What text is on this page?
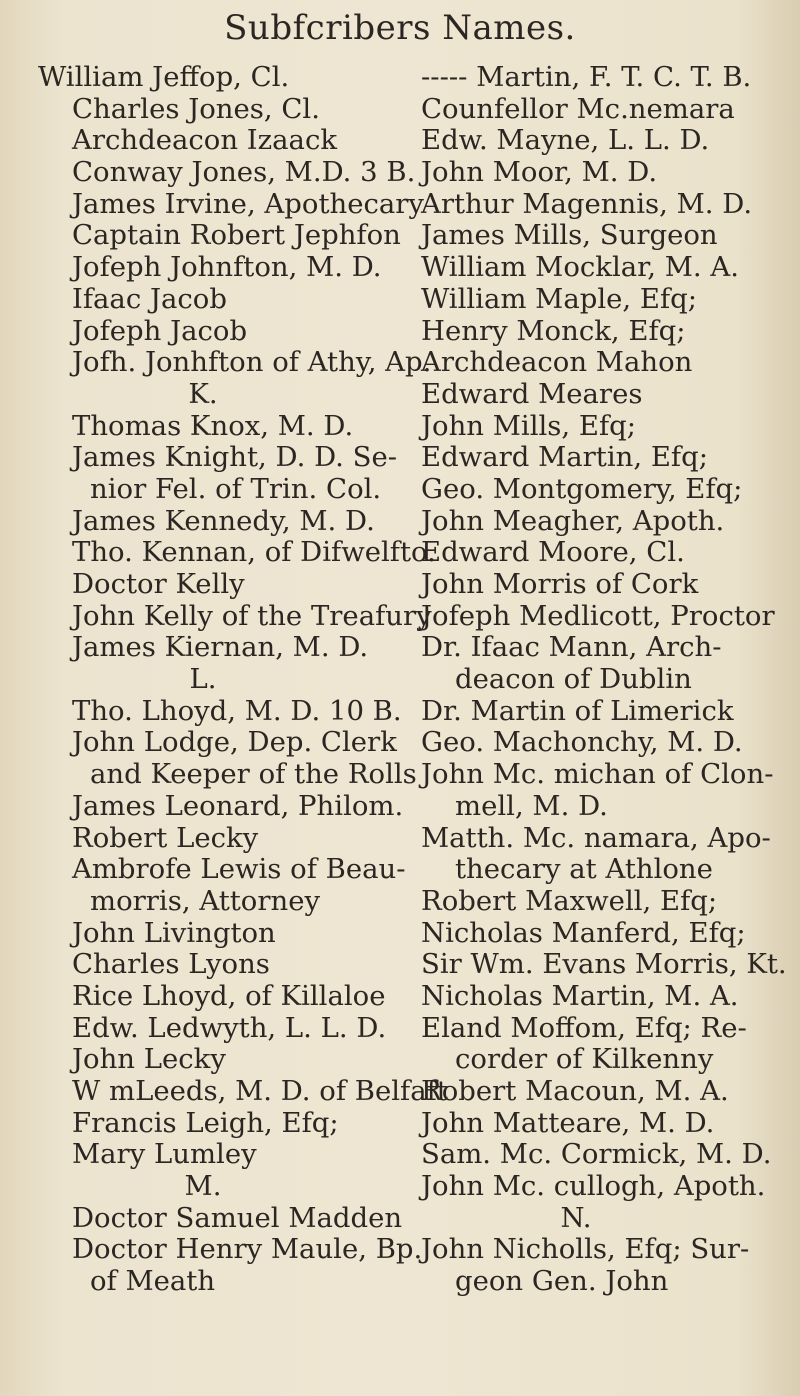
Subfcribers Names.
William Jeffop, Cl.
Charles Jones, Cl.
Archdeacon Izaack
Conway Jones, M.D. 3 B.
James Irvine, Apothecary
Captain Robert Jephfon
Jofeph Johnfton, M. D.
Ifaac Jacob
Jofeph Jacob
Jofh. Jonhfton of Athy, Ap.
K.
Thomas Knox, M. D.
James Knight, D. D. Se-
nior Fel. of Trin. Col.
James Kennedy, M. D.
Tho. Kennan, of Difwelfto.
Doctor Kelly
John Kelly of the Treafury
James Kiernan, M. D.
L.
Tho. Lhoyd, M. D. 10 B.
John Lodge, Dep. Clerk
and Keeper of the Rolls
James Leonard, Philom.
Robert Lecky
Ambrofe Lewis of Beau-
morris, Attorney
John Livington
Charles Lyons
Rice Lhoyd, of Killaloe
Edw. Ledwyth, L. L. D.
John Lecky
W mLeeds, M. D. of Belfaft
Francis Leigh, Efq;
Mary Lumley
M.
Doctor Samuel Madden
Doctor Henry Maule, Bp.
of Meath
----- Martin, F. T. C. T. B.
Counfellor Mc.nemara
Edw. Mayne, L. L. D.
John Moor, M. D.
Arthur Magennis, M. D.
James Mills, Surgeon
William Mocklar, M. A.
William Maple, Efq;
Henry Monck, Efq;
Archdeacon Mahon
Edward Meares
John Mills, Efq;
Edward Martin, Efq;
Geo. Montgomery, Efq;
John Meagher, Apoth.
Edward Moore, Cl.
John Morris of Cork
Jofeph Medlicott, Proctor
Dr. Ifaac Mann, Arch-
deacon of Dublin
Dr. Martin of Limerick
Geo. Machonchy, M. D.
John Mc. michan of Clon-
mell, M. D.
Matth. Mc. namara, Apo-
thecary at Athlone
Robert Maxwell, Efq;
Nicholas Manferd, Efq;
Sir Wm. Evans Morris, Kt.
Nicholas Martin, M. A.
Eland Moffom, Efq; Re-
corder of Kilkenny
Robert Macoun, M. A.
John Matteare, M. D.
Sam. Mc. Cormick, M. D.
John Mc. cullogh, Apoth.
N.
John Nicholls, Efq; Sur-
geon Gen. John
